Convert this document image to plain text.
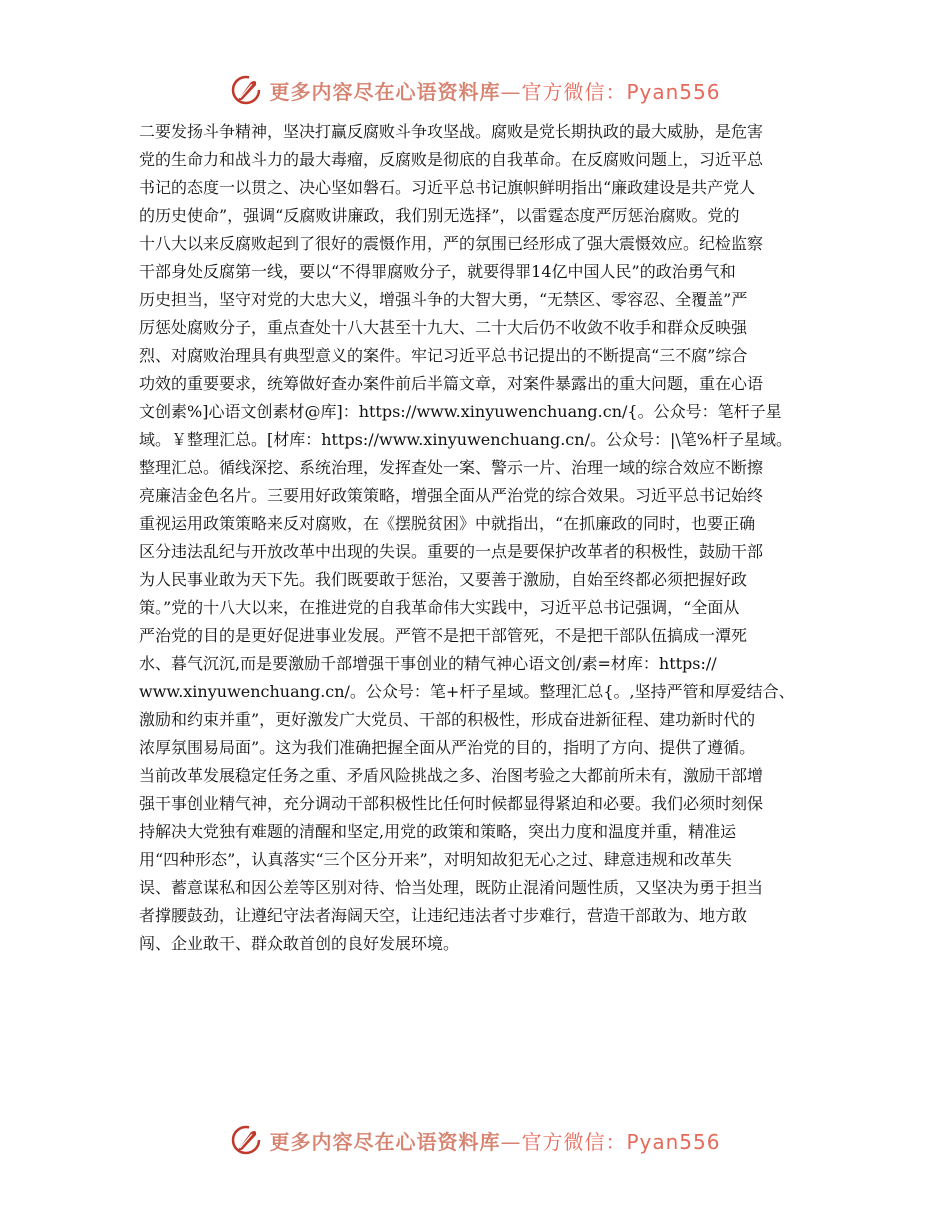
更多内容尽在心语资料库—官方微信：Pyan556
二要发扬斗争精神，坚决打赢反腐败斗争攻坚战。腐败是党长期执政的最大威胁，是危害
党的生命力和战斗力的最大毒瘤，反腐败是彻底的自我革命。在反腐败问题上，习近平总
书记的态度一以贯之、决心坚如磐石。习近平总书记旗帜鲜明指出“廉政建设是共产党人
的历史使命”，强调“反腐败讲廉政，我们别无选择”，以雷霆态度严厉惩治腐败。党的
十八大以来反腐败起到了很好的震慑作用，严的氛围已经形成了强大震慑效应。纪检监察
干部身处反腐第一线，要以“不得罪腐败分子，就要得罪14亿中国人民”的政治勇气和
历史担当，坚守对党的大忠大义，增强斗争的大智大勇，“无禁区、零容忍、全覆盖”严
厉惩处腐败分子，重点查处十八大甚至十九大、二十大后仍不收敛不收手和群众反映强
烈、对腐败治理具有典型意义的案件。牢记习近平总书记提出的不断提高“三不腐”综合
功效的重要要求，统筹做好查办案件前后半篇文章，对案件暴露出的重大问题，重在心语
文创素%]心语文创素材@库]：https://www.xinyuwenchuang.cn/{。公众号：笔杆子星
域。￥整理汇总。[材库：https://www.xinyuwenchuang.cn/。公众号：|\笔%杆子星域。
整理汇总。循线深挖、系统治理，发挥查处一案、警示一片、治理一域的综合效应不断擦
亮廉洁金色名片。三要用好政策策略，增强全面从严治党的综合效果。习近平总书记始终
重视运用政策策略来反对腐败，在《摆脱贫困》中就指出，“在抓廉政的同时，也要正确
区分违法乱纪与开放改革中出现的失误。重要的一点是要保护改革者的积极性，鼓励干部
为人民事业敢为天下先。我们既要敢于惩治，又要善于激励，自始至终都必须把握好政
策。”党的十八大以来，在推进党的自我革命伟大实践中，习近平总书记强调，“全面从
严治党的目的是更好促进事业发展。严管不是把干部管死，不是把干部队伍搞成一潭死
水、暮气沉沉,而是要激励千部增强干事创业的精气神心语文创/素=材库：https://
www.xinyuwenchuang.cn/。公众号：笔+杆子星域。整理汇总{。,坚持严管和厚爱结合、
激励和约束并重”，更好激发广大党员、干部的积极性，形成奋进新征程、建功新时代的
浓厚氛围易局面”。这为我们准确把握全面从严治党的目的，指明了方向、提供了遵循。
当前改革发展稳定任务之重、矛盾风险挑战之多、治图考验之大都前所未有，激励干部增
强干事创业精气神，充分调动干部积极性比任何时候都显得紧迫和必要。我们必须时刻保
持解决大党独有难题的清醒和坚定,用党的政策和策略，突出力度和温度并重，精准运
用“四种形态”，认真落实“三个区分开来”，对明知故犯无心之过、肆意违规和改革失
误、蓄意谋私和因公差等区别对待、恰当处理，既防止混淆问题性质，又坚决为勇于担当
者撑腰鼓劲，让遵纪守法者海阔天空，让违纪违法者寸步难行，营造干部敢为、地方敢
闯、企业敢干、群众敢首创的良好发展环境。
更多内容尽在心语资料库—官方微信：Pyan556
